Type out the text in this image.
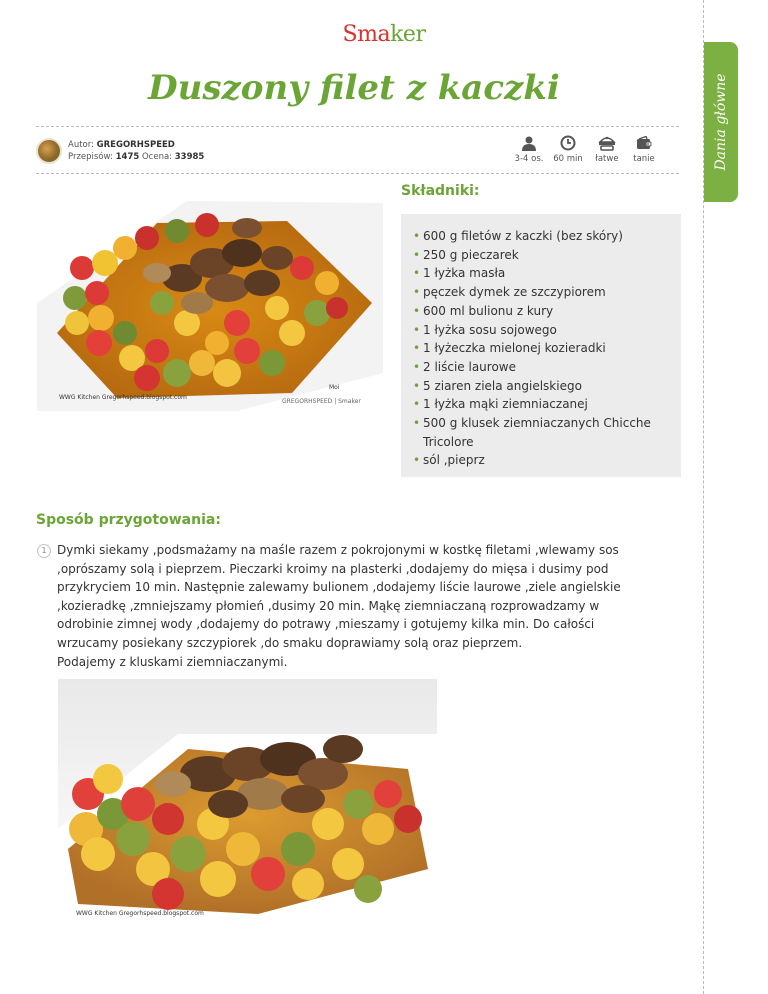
Smaker
Dania główne
Duszony filet z kaczki
Autor: GREGORHSPEED
Przepisów: 1475 Ocena: 33985	3-4 os.	60 min	łatwe	tanie
WWG Kitchen Gregorhspeed.blogspot.com
Moi
GREGORHSPEED | Smaker
Składniki:
• 600 g filetów z kaczki (bez skóry)
• 250 g pieczarek
• 1 łyżka masła
• pęczek dymek ze szczypiorem
• 600 ml bulionu z kury
• 1 łyżka sosu sojowego
• 1 łyżeczka mielonej kozieradki
• 2 liście laurowe
• 5 ziaren ziela angielskiego
• 1 łyżka mąki ziemniaczanej
• 500 g klusek ziemniaczanych Chicche
Tricolore
• sól ,pieprz
Sposób przygotowania:
1 Dymki siekamy ,podsmażamy na maśle razem z pokrojonymi w kostkę filetami ,wlewamy sos
,oprószamy solą i pieprzem. Pieczarki kroimy na plasterki ,dodajemy do mięsa i dusimy pod
przykryciem 10 min. Następnie zalewamy bulionem ,dodajemy liście laurowe ,ziele angielskie
,kozieradkę ,zmniejszamy płomień ,dusimy 20 min. Mąkę ziemniaczaną rozprowadzamy w
odrobinie zimnej wody ,dodajemy do potrawy ,mieszamy i gotujemy kilka min. Do całości
wrzucamy posiekany szczypiorek ,do smaku doprawiamy solą oraz pieprzem.
Podajemy z kluskami ziemniaczanymi.
WWG Kitchen Gregorhspeed.blogspot.com
